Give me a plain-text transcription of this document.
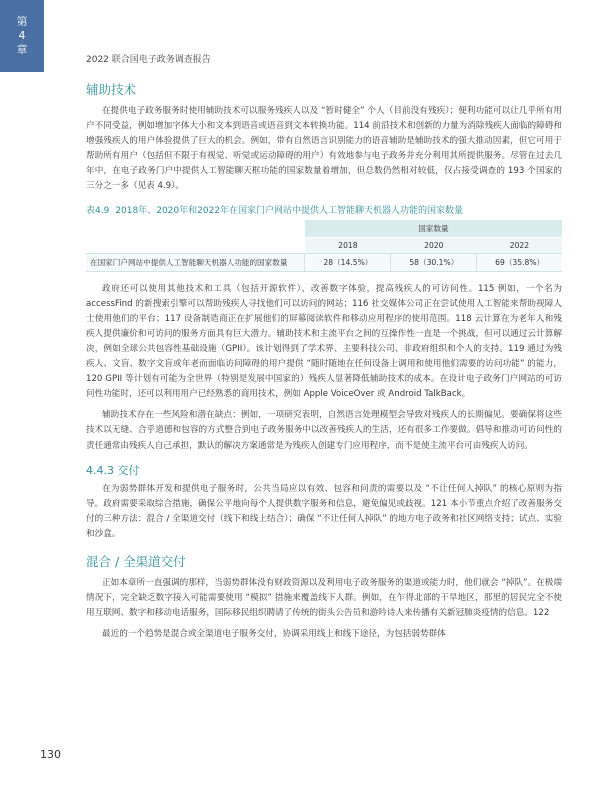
第
4
章
2022 联合国电子政务调查报告
辅助技术

在提供电子政务服务时使用辅助技术可以服务残疾人以及 “暂时健全” 个人（目前没有残疾）；便利功能可以让几乎所有用户不同受益，例如增加字体大小和文本到语音或语音到文本转换功能。114 前沿技术和创新的力量为消除残疾人面临的障碍和增强残疾人的用户体验提供了巨大的机会。例如，带有自然语言识别能力的语音辅助是辅助技术的强大推动因素，但它可用于帮助所有用户（包括但不限于有视觉、听觉或运动障碍的用户）有效地参与电子政务并充分利用其所提供服务。尽管在过去几年中，在电子政务门户中提供人工智能聊天框功能的国家数量着增加，但总数仍然相对较低，仅占接受调查的 193 个国家的三分之一多（见表 4.9）。

表4.9 2018年、2020年和2022年在国家门户网站中提供人工智能聊天机器人功能的国家数量
	国家数量		
	2018	2020	2022
在国家门户网站中提供人工智能聊天机器人功能的国家数量	28（14.5%）	58（30.1%）	69（35.8%）

政府还可以使用其他技术和工具（包括开源软件），改善数字体验，提高残疾人的可访问性。115 例如，一个名为 accessFind 的新搜索引擎可以帮助残疾人寻找他们可以访问的网站；116 社交媒体公司正在尝试使用人工智能来帮助视障人士使用他们的平台；117 设备制造商正在扩展他们的屏幕阅读软件和移动应用程序的使用范围。118 云计算在为老年人和残疾人提供廉价和可访问的服务方面具有巨大潜力。辅助技术和主流平台之间的互操作性一直是一个挑战，但可以通过云计算解决，例如全球公共包容性基础设施（GPII）。该计划得到了学术界、主要科技公司、非政府组织和个人的支持。119 通过为残疾人、文盲、数字文盲或年老而面临访问障碍的用户提供 “随时随地在任何设备上调用和使用他们需要的访问功能” 的能力，120 GPII 等计划有可能为全世界（特别是发展中国家的）残疾人显著降低辅助技术的成本。在设计电子政务门户网站的可访问性功能时，还可以利用用户已经熟悉的商用技术，例如 Apple VoiceOver 或 Android TalkBack。

辅助技术存在一些风险和潜在缺点：例如，一项研究表明，自然语言处理模型会导致对残疾人的长期偏见。要确保将这些技术以无缝、合乎道德和包容的方式整合到电子政务服务中以改善残疾人的生活，还有很多工作要做。倡导和推动可访问性的责任通常由残疾人自己承担，默认的解决方案通常是为残疾人创建专门应用程序，而不是使主流平台可由残疾人访问。

4.4.3 交付

在为弱势群体开发和提供电子服务时，公共当局应以有效、包容和问责的需要以及 “不让任何人掉队” 的核心原则为指导。政府需要采取综合措施，确保公平地向每个人提供数字服务和信息，避免偏见或歧视。121 本小节重点介绍了改善服务交付的三种方法：混合 / 全渠道交付（线下和线上结合）；确保 “不让任何人掉队” 的地方电子政务和社区网络支持；试点、实验和沙盒。

混合 / 全渠道交付

正如本章所一直强调的那样，当弱势群体没有财政资源以及利用电子政务服务的渠道或能力时，他们就会 “掉队”。在极端情况下，完全缺乏数字接入可能需要使用 “模拟” 措施来覆盖线下人群。例如，在乍得北部的干旱地区，那里的居民完全不使用互联网、数字和移动电话服务，国际移民组织聘请了传统的街头公告员和游吟诗人来传播有关新冠肺炎疫情的信息。122

最近的一个趋势是混合或全渠道电子服务交付，协调采用线上和线下途径，为包括弱势群体

130
